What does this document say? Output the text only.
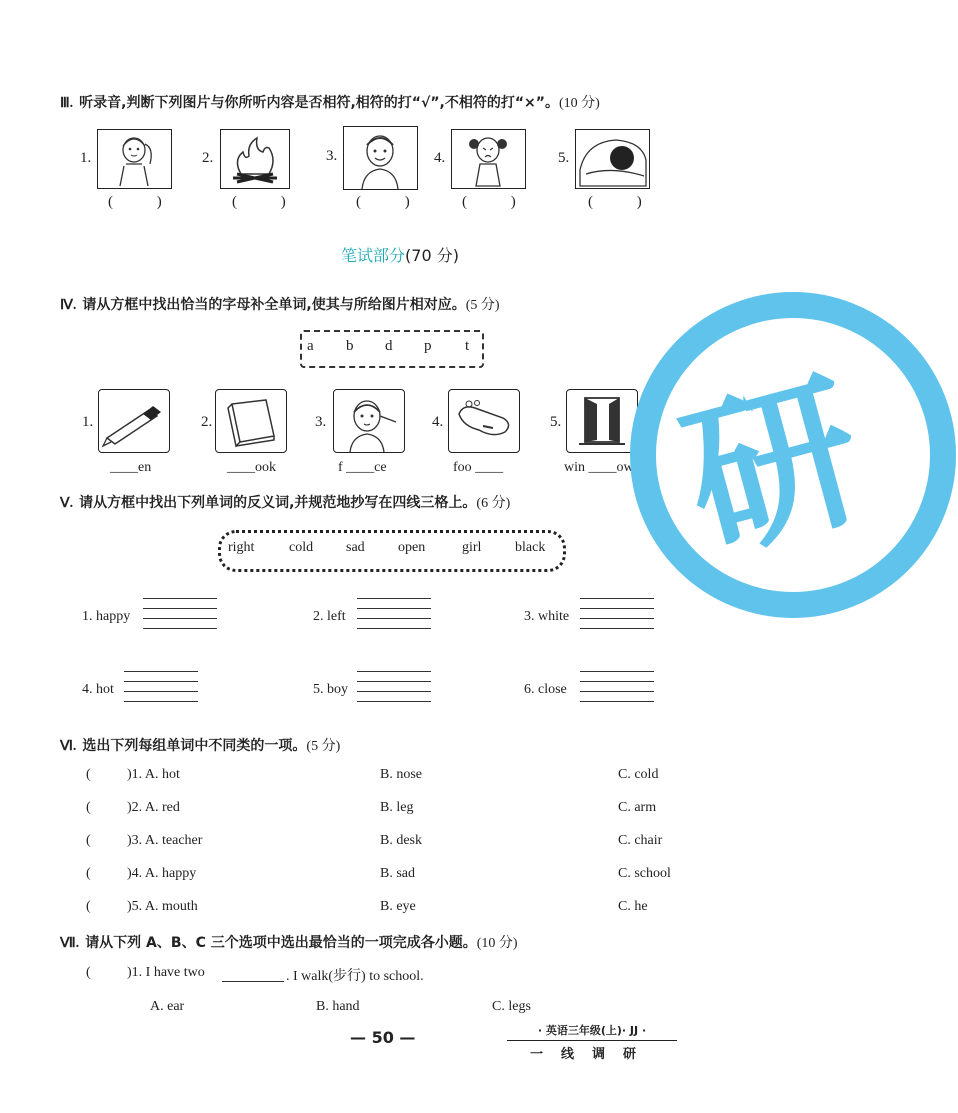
Ⅲ. 听录音,判断下列图片与你所听内容是否相符,相符的打“√”,不相符的打“×”。(10 分)
1.
( )
2.
( )
3.
( )
4.
( )
5.
( )
笔试部分(70 分)
Ⅳ. 请从方框中找出恰当的字母补全单词,使其与所给图片相对应。(5 分)
a b d p t
1.
____en
2.
____ook
3.
f ____ce
4.
foo ____
5.
win ____ow
Ⅴ. 请从方框中找出下列单词的反义词,并规范地抄写在四线三格上。(6 分)
right cold sad open	girl black
1. happy	2. left	3. white
4. hot	5. boy	6. close
Ⅵ. 选出下列每组单词中不同类的一项。(5 分)
(	)1. A. hot	B. nose	C. cold
(	)2. A. red	B. leg	C. arm
(	)3. A. teacher	B. desk	C. chair
(	)4. A. happy	B. sad	C. school
(	)5. A. mouth	B. eye	C. he
Ⅶ. 请从下列 A、B、C 三个选项中选出最恰当的一项完成各小题。(10 分)
(	)1. I have two	. I walk(步行) to school.
A. ear	B. hand	C. legs
— 50 —	· 英语三年级(上)· JJ ·
一线调研
研
